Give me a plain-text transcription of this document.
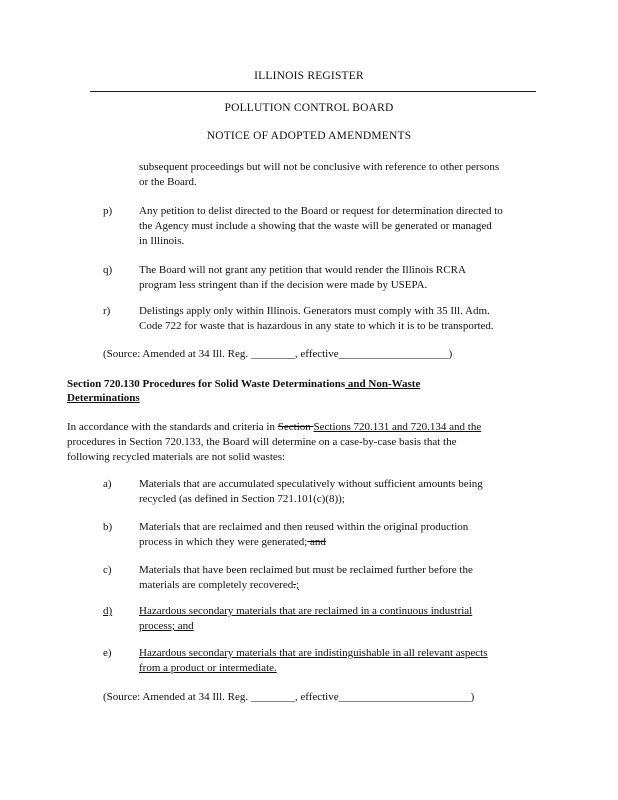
ILLINOIS REGISTER
POLLUTION CONTROL BOARD
NOTICE OF ADOPTED AMENDMENTS
subsequent proceedings but will not be conclusive with reference to other persons
or the Board.
p) Any petition to delist directed to the Board or request for determination directed to
the Agency must include a showing that the waste will be generated or managed
in Illinois.
q) The Board will not grant any petition that would render the Illinois RCRA
program less stringent than if the decision were made by USEPA.
r)	Delistings apply only within Illinois. Generators must comply with 35 Ill. Adm.
Code 722 for waste that is hazardous in any state to which it is to be transported.
(Source: Amended at 34 Ill. Reg. ________, effective____________________)
Section 720.130 Procedures for Solid Waste Determinations and Non-Waste
Determinations
In accordance with the standards and criteria in Section Sections 720.131 and 720.134 and the
procedures in Section 720.133, the Board will determine on a case-by-case basis that the
following recycled materials are not solid wastes:
a) Materials that are accumulated speculatively without sufficient amounts being
recycled (as defined in Section 721.101(c)(8));
b) Materials that are reclaimed and then reused within the original production
process in which they were generated; and
c) Materials that have been reclaimed but must be reclaimed further before the
materials are completely recovered.;
d) Hazardous secondary materials that are reclaimed in a continuous industrial
process; and
e) Hazardous secondary materials that are indistinguishable in all relevant aspects
from a product or intermediate.
(Source: Amended at 34 Ill. Reg. ________, effective________________________)
